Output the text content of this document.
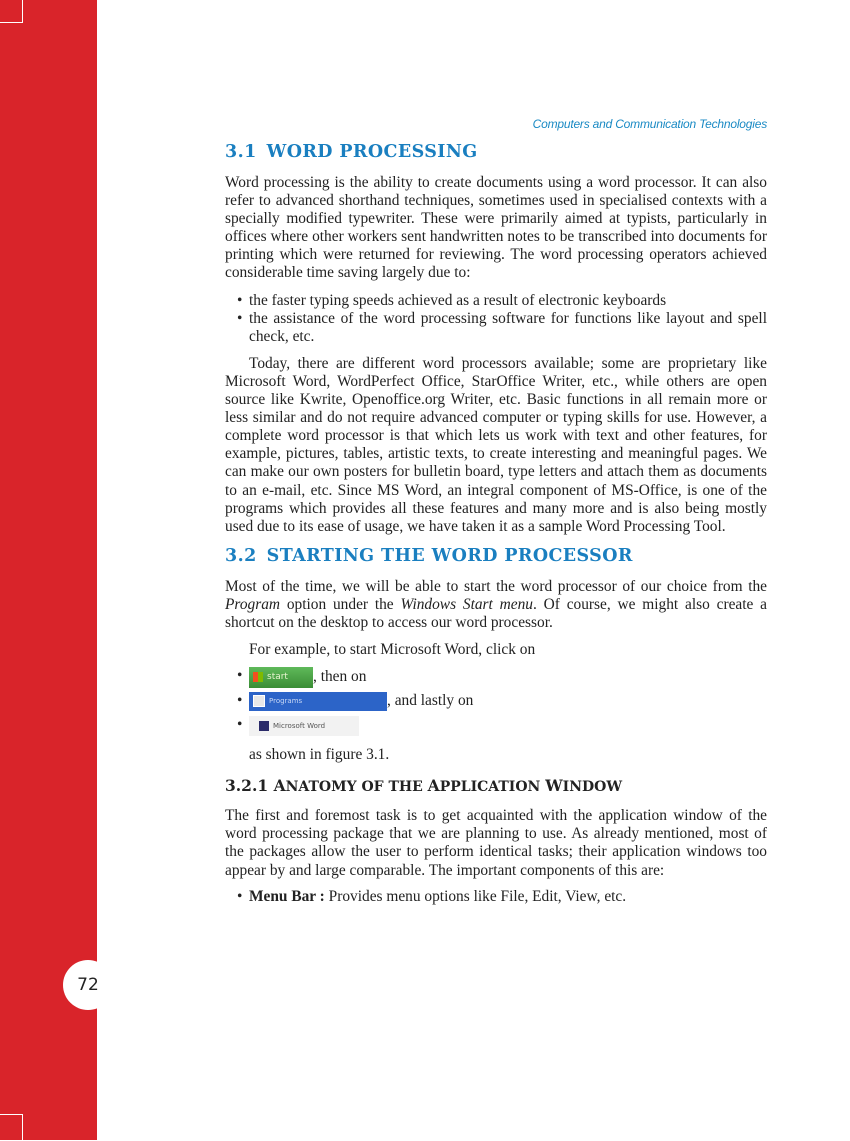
72
Computers and Communication Technologies
3.1 WORD PROCESSING

Word processing is the ability to create documents using a word processor. It can also refer to advanced shorthand techniques, sometimes used in specialised contexts with a specially modified typewriter. These were primarily aimed at typists, particularly in offices where other workers sent handwritten notes to be transcribed into documents for printing which were returned for reviewing. The word processing operators achieved considerable time saving largely due to:

• the faster typing speeds achieved as a result of electronic keyboards
• the assistance of the word processing software for functions like layout and spell check, etc.

Today, there are different word processors available; some are proprietary like Microsoft Word, WordPerfect Office, StarOffice Writer, etc., while others are open source like Kwrite, Openoffice.org Writer, etc. Basic functions in all remain more or less similar and do not require advanced computer or typing skills for use. However, a complete word processor is that which lets us work with text and other features, for example, pictures, tables, artistic texts, to create interesting and meaningful pages. We can make our own posters for bulletin board, type letters and attach them as documents to an e-mail, etc. Since MS Word, an integral component of MS-Office, is one of the programs which provides all these features and many more and is also being mostly used due to its ease of usage, we have taken it as a sample Word Processing Tool.

3.2 STARTING THE WORD PROCESSOR

Most of the time, we will be able to start the word processor of our choice from the Program option under the Windows Start menu. Of course, we might also create a shortcut on the desktop to access our word processor.

For example, to start Microsoft Word, click on

• start , then on
• Programs	, and lastly on
• Microsoft Word

as shown in figure 3.1.

3.2.1 ANATOMY OF THE APPLICATION WINDOW

The first and foremost task is to get acquainted with the application window of the word processing package that we are planning to use. As already mentioned, most of the packages allow the user to perform identical tasks; their application windows too appear by and large comparable. The important components of this are:

• Menu Bar : Provides menu options like File, Edit, View, etc.
